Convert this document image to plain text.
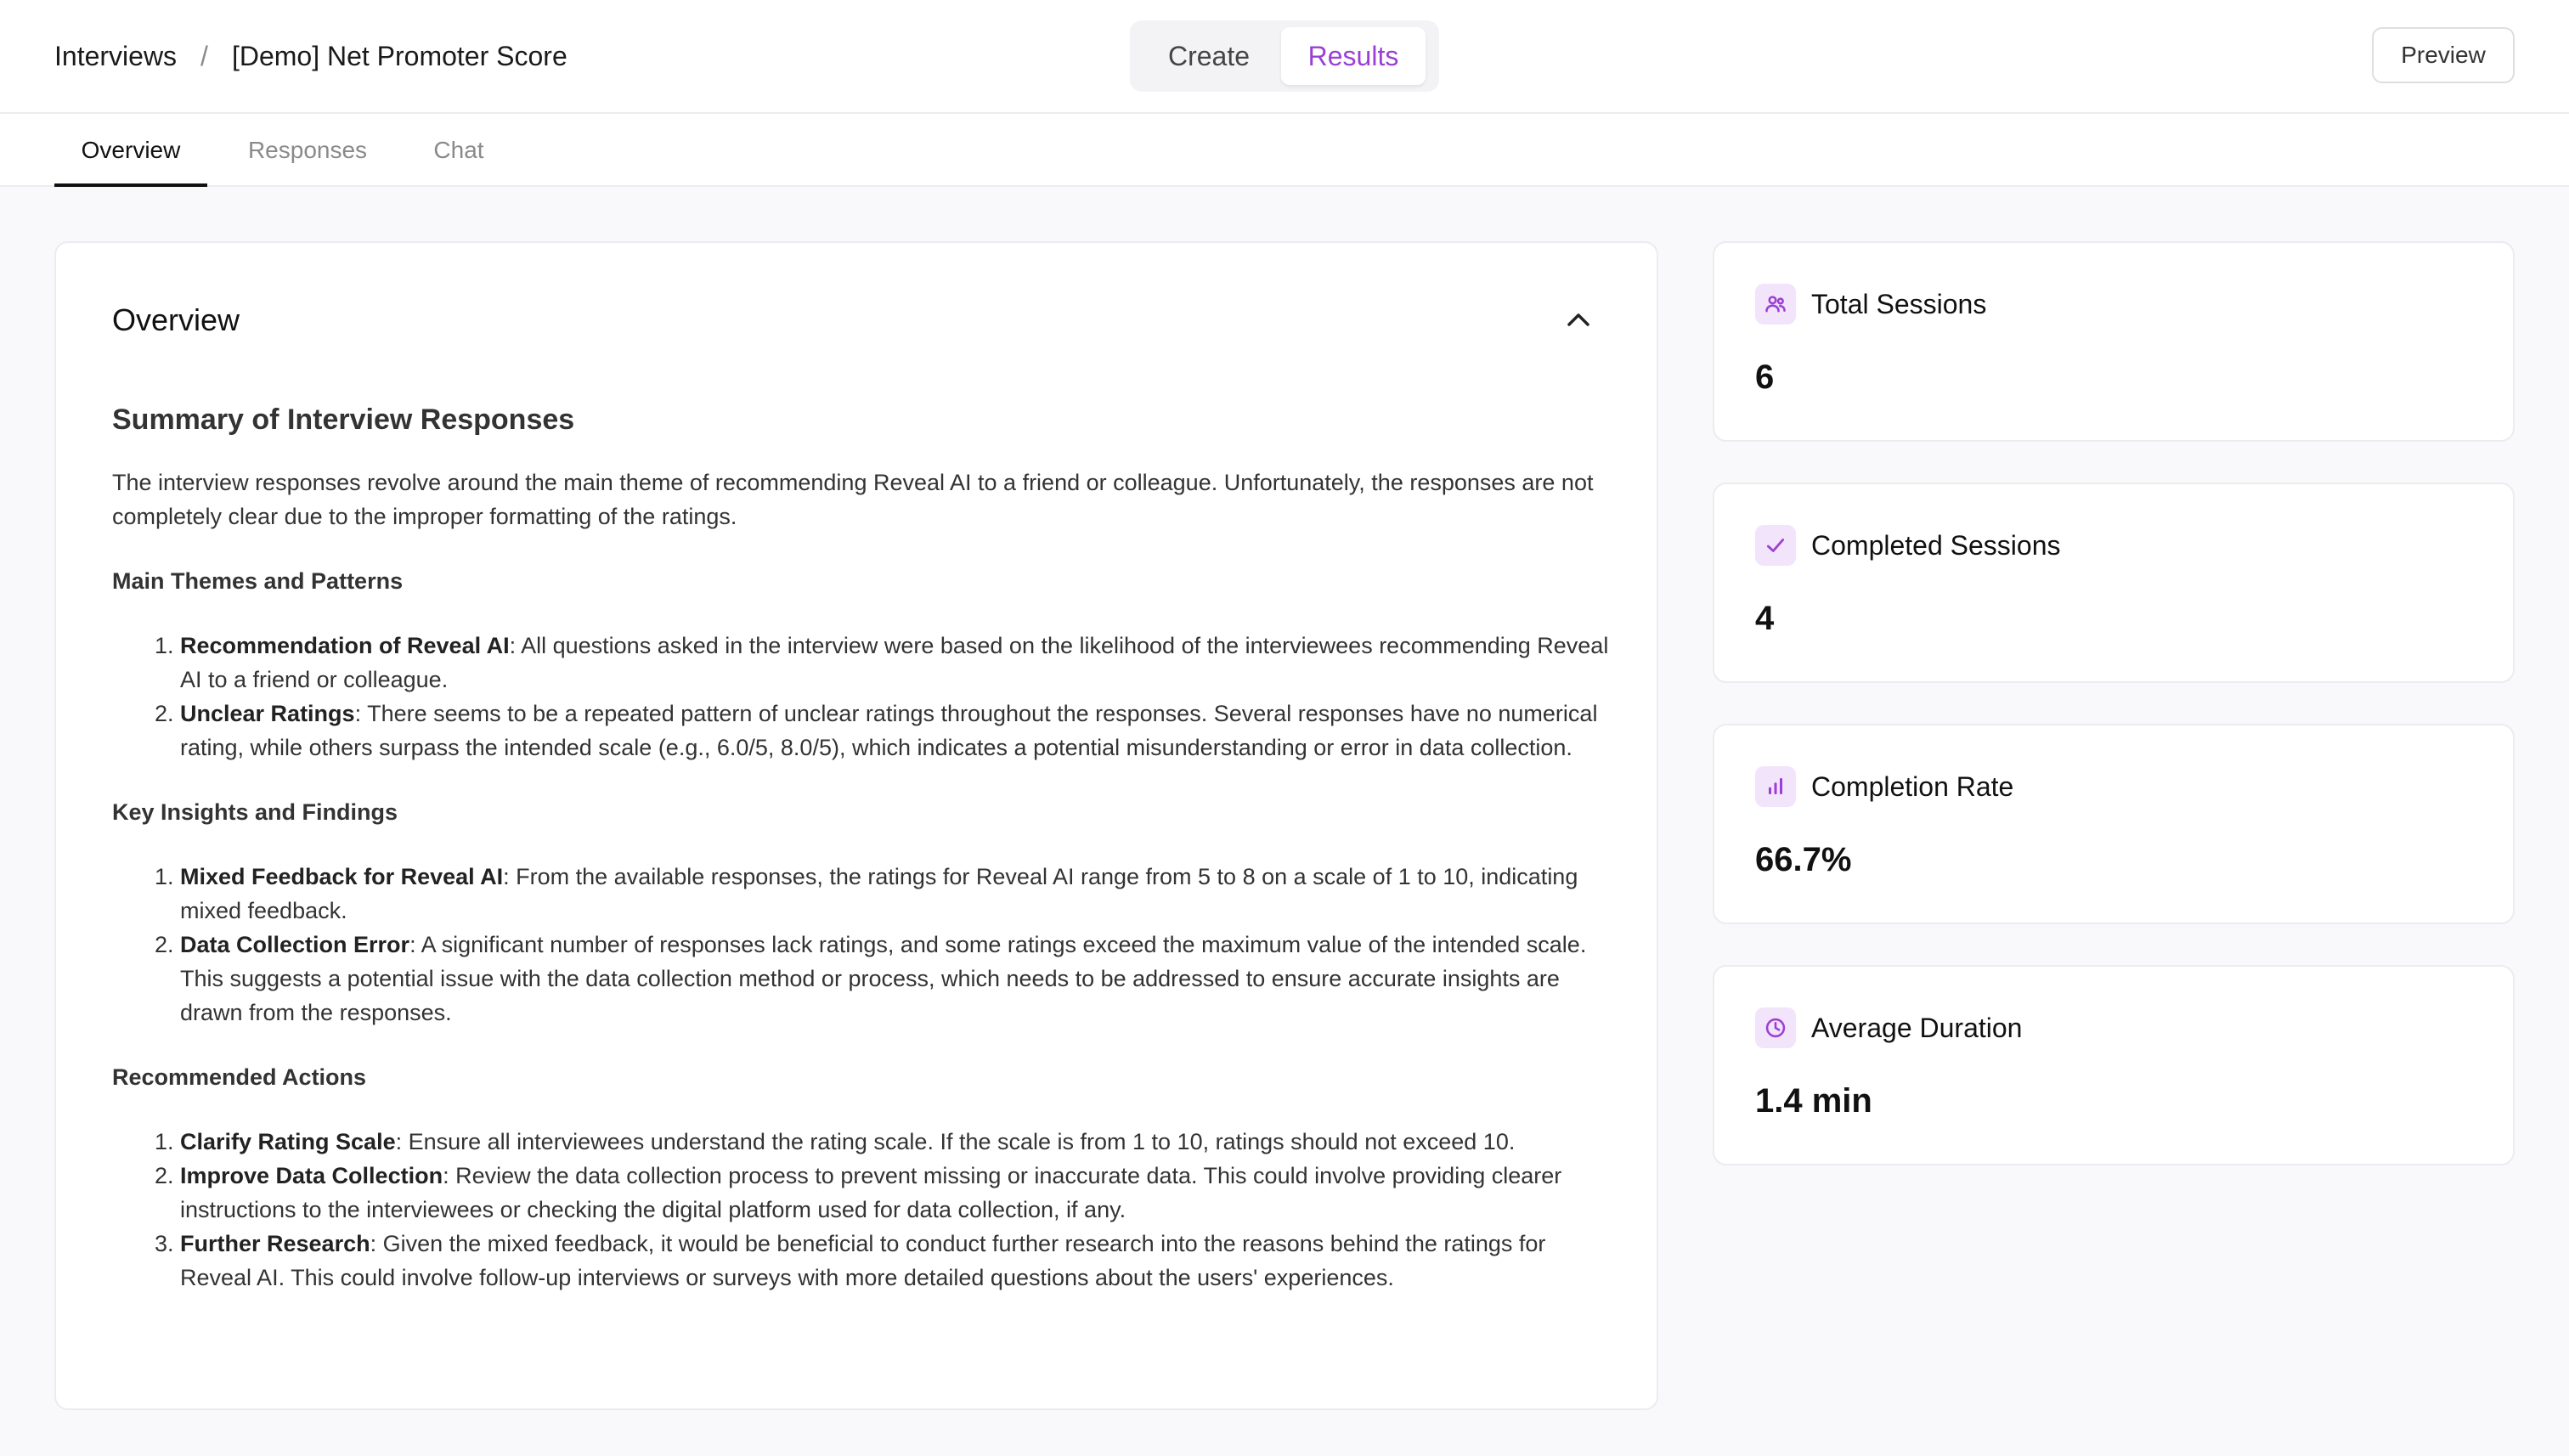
Interviews / [Demo] Net Promoter Score	Create	Results	Preview
Overview	Responses	Chat
Overview
Summary of Interview Responses

The interview responses revolve around the main theme of recommending Reveal AI to a friend or colleague. Unfortunately, the responses are not completely clear due to the improper formatting of the ratings.

Main Themes and Patterns
1. Recommendation of Reveal AI: All questions asked in the interview were based on the likelihood of the interviewees recommending Reveal AI to a friend or colleague.
2. Unclear Ratings: There seems to be a repeated pattern of unclear ratings throughout the responses. Several responses have no numerical rating, while others surpass the intended scale (e.g., 6.0/5, 8.0/5), which indicates a potential misunderstanding or error in data collection.
Key Insights and Findings
1. Mixed Feedback for Reveal AI: From the available responses, the ratings for Reveal AI range from 5 to 8 on a scale of 1 to 10, indicating mixed feedback.
2. Data Collection Error: A significant number of responses lack ratings, and some ratings exceed the maximum value of the intended scale. This suggests a potential issue with the data collection method or process, which needs to be addressed to ensure accurate insights are drawn from the responses.
Recommended Actions
1. Clarify Rating Scale: Ensure all interviewees understand the rating scale. If the scale is from 1 to 10, ratings should not exceed 10.
2. Improve Data Collection: Review the data collection process to prevent missing or inaccurate data. This could involve providing clearer instructions to the interviewees or checking the digital platform used for data collection, if any.
3. Further Research: Given the mixed feedback, it would be beneficial to conduct further research into the reasons behind the ratings for Reveal AI. This could involve follow-up interviews or surveys with more detailed questions about the users' experiences.
Total Sessions
6
Completed Sessions
4
Completion Rate
66.7%
Average Duration
1.4 min
